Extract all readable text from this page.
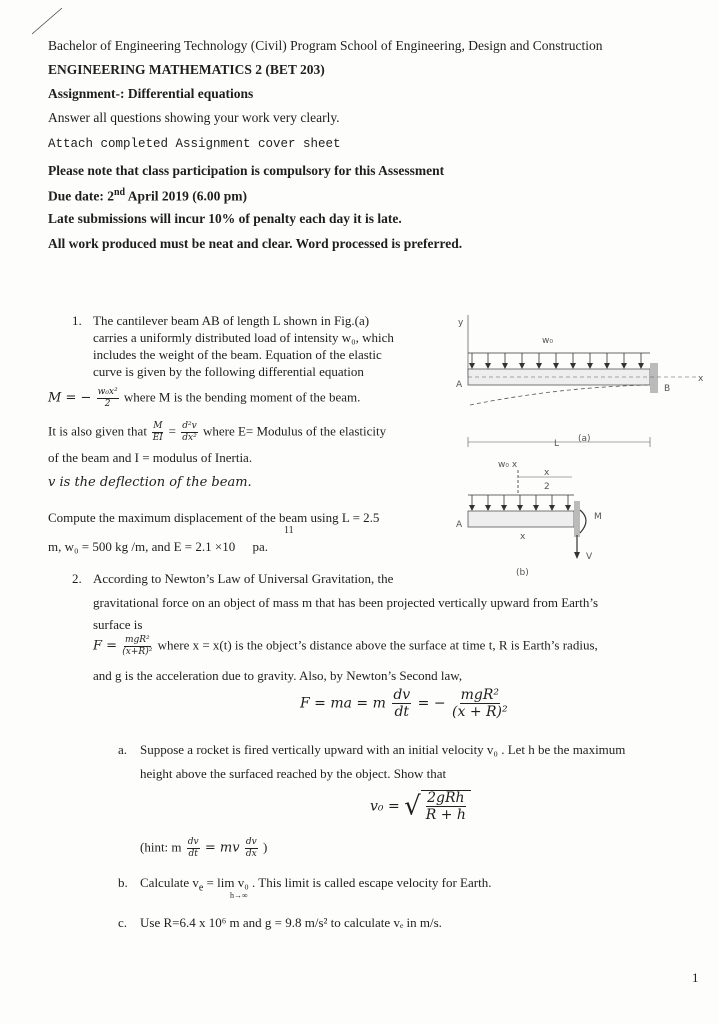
Bachelor of Engineering Technology (Civil) Program School of Engineering, Design and Construction
ENGINEERING MATHEMATICS 2 (BET 203)
Assignment-: Differential equations
Answer all questions showing your work very clearly.
Attach completed Assignment cover sheet
Please note that class participation is compulsory for this Assessment
Due date: 2nd April 2019 (6.00 pm)
Late submissions will incur 10% of penalty each day it is late.
All work produced must be neat and clear. Word processed is preferred.
1. The cantilever beam AB of length L shown in Fig.(a)
carries a uniformly distributed load of intensity w₀, which
includes the weight of the beam. Equation of the elastic
curve is given by the following differential equation
M = − $\frac{\text{w₀x²}}{2}$ where M is the bending moment of the beam.
It is also given that $\frac{M}{EI} = \frac{\text{d²v}}{\text{dx²}}$ where E= Modulus of the elasticity
of the beam and I = modulus of Inertia.
v is the deflection of the beam.
Compute the maximum displacement of the beam using L = 2.5
11
m, w₀ = 500 kg /m, and E = 2.1 ×10 pa.
y
w₀
x
A	B
L (a)
w₀ x
x
2
A
x
M
V
(b)
2. According to Newton’s Law of Universal Gravitation, the
gravitational force on an object of mass m that has been projected vertically upward from Earth’s
surface is
$F = \frac{\text{mgR²}}{\text{(x+R)²}}$ where x = x(t) is the object’s distance above the surface at time t, R is Earth’s radius,
and g is the acceleration due to gravity. Also, by Newton’s Second law,
F = ma = m $\frac{dv}{dt}$ = − $\frac{\text{mgR²}}{\text{(x + R)²}}$
a. Suppose a rocket is fired vertically upward with an initial velocity v₀ . Let h be the maximum
height above the surfaced reached by the object. Show that
v₀ = √ $\frac{\text{2gRh}}{R + h}$
(hint: m $\frac{dv}{dt}$ = mv $\frac{dv}{dx}$ )
b. Calculate $v_e = \lim v_0$ . This limit is called escape velocity for Earth.
h→∞
c. Use R=6.4 x 10⁶ m and g = 9.8 m/s² to calculate vₑ in m/s.
1
